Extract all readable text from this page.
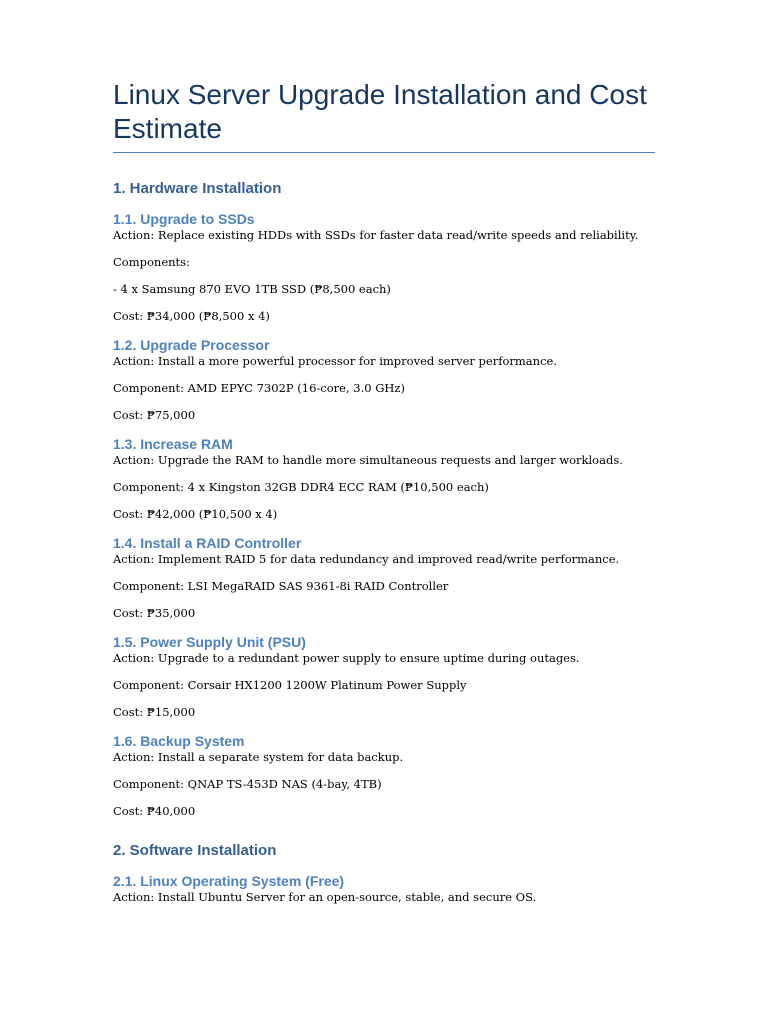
Linux Server Upgrade Installation and Cost Estimate
1. Hardware Installation
1.1. Upgrade to SSDs

Action: Replace existing HDDs with SSDs for faster data read/write speeds and reliability.

Components:

- 4 x Samsung 870 EVO 1TB SSD (₱8,500 each)

Cost: ₱34,000 (₱8,500 x 4)

1.2. Upgrade Processor

Action: Install a more powerful processor for improved server performance.

Component: AMD EPYC 7302P (16-core, 3.0 GHz)

Cost: ₱75,000

1.3. Increase RAM

Action: Upgrade the RAM to handle more simultaneous requests and larger workloads.

Component: 4 x Kingston 32GB DDR4 ECC RAM (₱10,500 each)

Cost: ₱42,000 (₱10,500 x 4)

1.4. Install a RAID Controller

Action: Implement RAID 5 for data redundancy and improved read/write performance.

Component: LSI MegaRAID SAS 9361-8i RAID Controller

Cost: ₱35,000

1.5. Power Supply Unit (PSU)

Action: Upgrade to a redundant power supply to ensure uptime during outages.

Component: Corsair HX1200 1200W Platinum Power Supply

Cost: ₱15,000

1.6. Backup System

Action: Install a separate system for data backup.

Component: QNAP TS-453D NAS (4-bay, 4TB)

Cost: ₱40,000

2. Software Installation
2.1. Linux Operating System (Free)

Action: Install Ubuntu Server for an open-source, stable, and secure OS.
